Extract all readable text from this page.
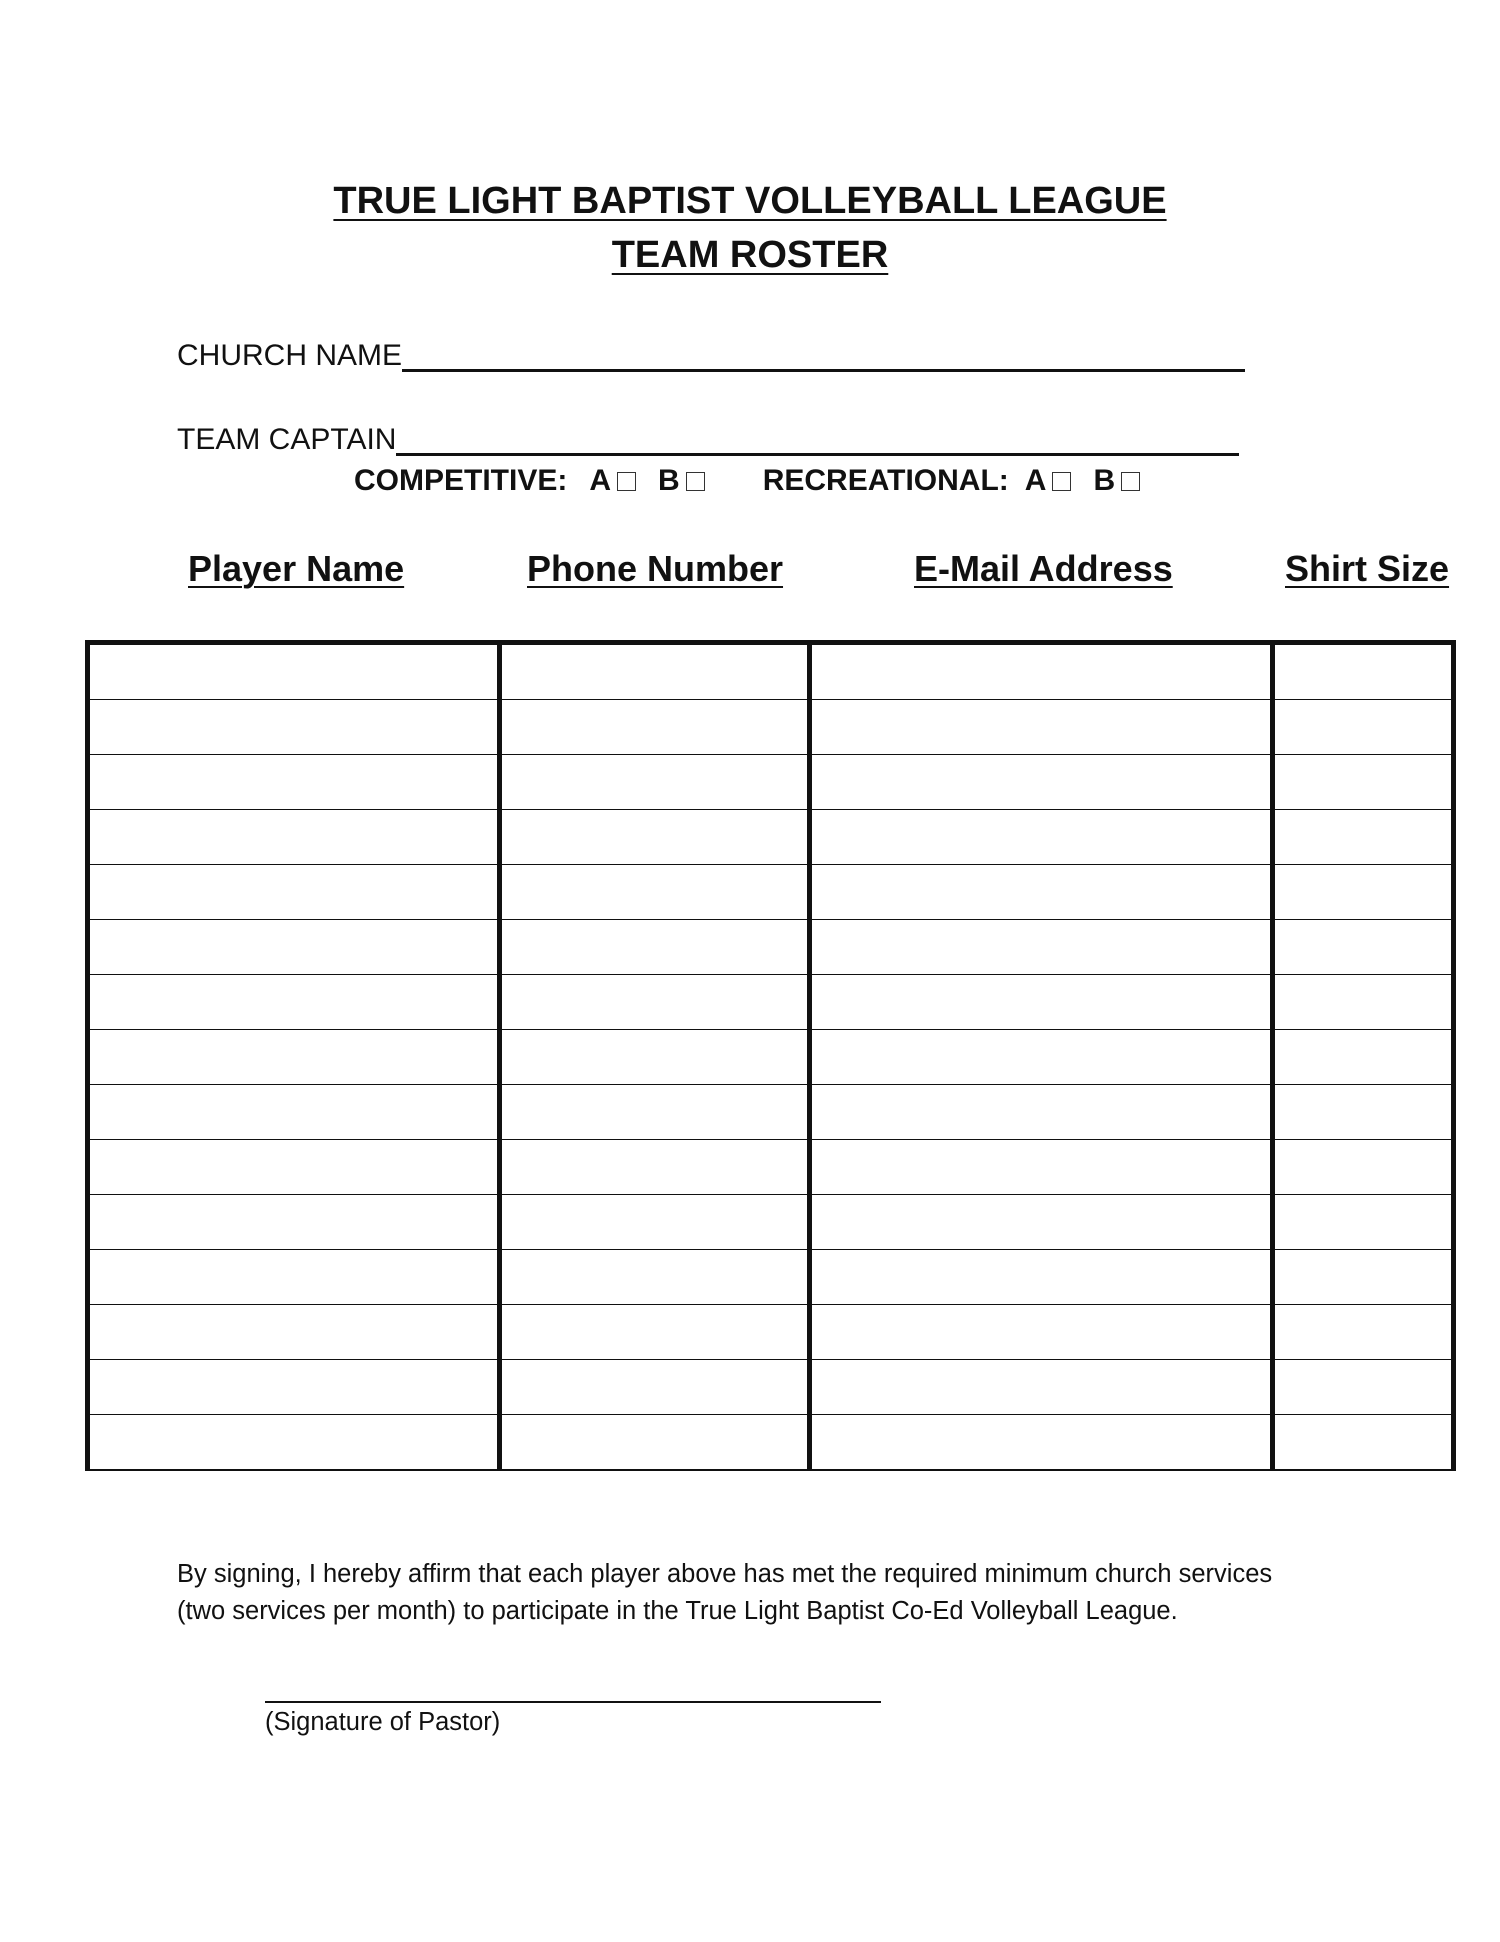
TRUE LIGHT BAPTIST VOLLEYBALL LEAGUE
TEAM ROSTER
CHURCH NAME
TEAM CAPTAIN
COMPETITIVE: A B	RECREATIONAL: A B
Player Name	Phone Number	E-Mail Address	Shirt Size

By signing, I hereby affirm that each player above has met the required minimum church services (two services per month) to participate in the True Light Baptist Co-Ed Volleyball League.
(Signature of Pastor)
